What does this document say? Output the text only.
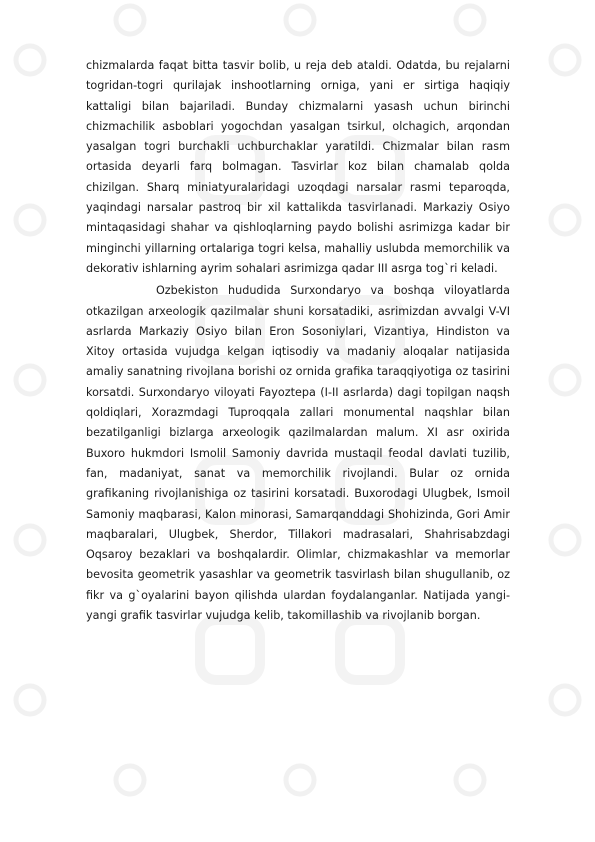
chizmalarda faqat bitta tasvir bolib, u reja deb ataldi. Odatda, bu rejalarni togridan-togri qurilajak inshootlarning orniga, yani er sirtiga haqiqiy kattaligi bilan bajariladi. Bunday chizmalarni yasash uchun birinchi chizmachilik asboblari yogochdan yasalgan tsirkul, olchagich, arqondan yasalgan togri burchakli uchburchaklar yaratildi. Chizmalar bilan rasm ortasida deyarli farq bolmagan. Tasvirlar koz bilan chamalab qolda chizilgan. Sharq miniatyuralaridagi uzoqdagi narsalar rasmi teparoqda, yaqindagi narsalar pastroq bir xil kattalikda tasvirlanadi. Markaziy Osiyo mintaqasidagi shahar va qishloqlarning paydo bolishi asrimizga kadar bir minginchi yillarning ortalariga togri kelsa, mahalliy uslubda memorchilik va dekorativ ishlarning ayrim sohalari asrimizga qadar III asrga tog`ri keladi.

Ozbekiston hududida Surxondaryo va boshqa viloyatlarda otkazilgan arxeologik qazilmalar shuni korsatadiki, asrimizdan avvalgi V-VI asrlarda Markaziy Osiyo bilan Eron Sosoniylari, Vizantiya, Hindiston va Xitoy ortasida vujudga kelgan iqtisodiy va madaniy aloqalar natijasida amaliy sanatning rivojlana borishi oz ornida grafika taraqqiyotiga oz tasirini korsatdi. Surxondaryo viloyati Fayoztepa (I-II asrlarda) dagi topilgan naqsh qoldiqlari, Xorazmdagi Tuproqqala zallari monumental naqshlar bilan bezatilganligi bizlarga arxeologik qazilmalardan malum. XI asr oxirida Buxoro hukmdori Ismolil Samoniy davrida mustaqil feodal davlati tuzilib, fan, madaniyat, sanat va memorchilik rivojlandi. Bular oz ornida grafikaning rivojlanishiga oz tasirini korsatadi. Buxorodagi Ulugbek, Ismoil Samoniy maqbarasi, Kalon minorasi, Samarqanddagi Shohizinda, Gori Amir maqbaralari, Ulugbek, Sherdor, Tillakori madrasalari, Shahrisabzdagi Oqsaroy bezaklari va boshqalardir. Olimlar, chizmakashlar va memorlar bevosita geometrik yasashlar va geometrik tasvirlash bilan shugullanib, oz fikr va g`oyalarini bayon qilishda ulardan foydalanganlar. Natijada yangi-yangi grafik tasvirlar vujudga kelib, takomillashib va rivojlanib borgan.
